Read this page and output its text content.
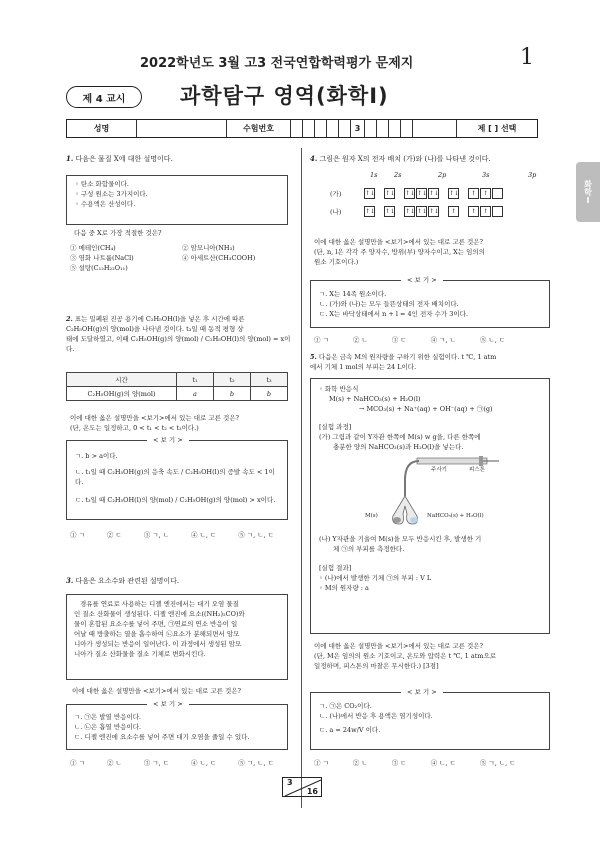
2022학년도 3월 고3 전국연합학력평가 문제지	1
제 4 교시	과학탐구 영역(화학Ⅰ)
성명	수험번호	3	제 [ ] 선택
화학Ⅰ
1. 다음은 물질 X에 대한 설명이다.
◦ 탄소 화합물이다.
◦ 구성 원소는 3가지이다.
◦ 수용액은 산성이다.
다음 중 X로 가장 적절한 것은?
① 메테인(CH₄)	② 암모니아(NH₃)
③ 염화 나트륨(NaCl)	④ 아세트산(CH₃COOH)
⑤ 설탕(C₁₂H₂₂O₁₁)
2. 표는 밀폐된 진공 용기에 C₂H₅OH(l)을 넣은 후 시간에 따른
C₂H₅OH(g)의 양(mol)을 나타낸 것이다. t₃일 때 동적 평형 상
태에 도달하였고, 이때 C₂H₅OH(g)의 양(mol) / C₂H₅OH(l)의 양(mol) = x이다.
시간	t₁	t₂	t₃
C₂H₅OH(g)의 양(mol)	a	b	b
이에 대한 옳은 설명만을 <보기>에서 있는 대로 고른 것은?
(단, 온도는 일정하고, 0 < t₁ < t₂ < t₃이다.)
< 보 기 >
ㄱ. b > a이다.
ㄴ. t₁일 때 C₂H₅OH(g)의 응축 속도 / C₂H₅OH(l)의 증발 속도 < 1이다.
ㄷ. t₃일 때 C₂H₅OH(l)의 양(mol) / C₂H₅OH(g)의 양(mol) > x이다.
① ㄱ	② ㄷ	③ ㄱ, ㄴ	④ ㄴ, ㄷ	⑤ ㄱ, ㄴ, ㄷ
3. 다음은 요소수와 관련된 설명이다.
경유를 연료로 사용하는 디젤 엔진에서는 대기 오염 물질
인 질소 산화물이 생성된다. 디젤 엔진에 요소((NH₂)₂CO)와
물이 혼합된 요소수를 넣어 주면, ㉠연료의 연소 반응이 일
어날 때 방출하는 열을 흡수하여 ㉡요소가 분해되면서 암모
니아가 생성되는 반응이 일어난다. 이 과정에서 생성된 암모
니아가 질소 산화물을 질소 기체로 변화시킨다.
이에 대한 옳은 설명만을 <보기>에서 있는 대로 고른 것은?
< 보 기 >
ㄱ. ㉠은 발열 반응이다.
ㄴ. ㉡은 흡열 반응이다.
ㄷ. 디젤 엔진에 요소수를 넣어 주면 대기 오염을 줄일 수 있다.
① ㄱ	② ㄴ	③ ㄱ, ㄷ	④ ㄴ, ㄷ	⑤ ㄱ, ㄴ, ㄷ
4. 그림은 원자 X의 전자 배치 (가)와 (나)를 나타낸 것이다.
1s	2s	2p	3s	3p
(가)	↑↓ ↑↓ ↑↓ ↑↓ ↑↓ ↑↓	↑	↑
(나)	↑↓ ↑↓ ↑↓ ↑↓ ↑↓	↑	↑	↑
이에 대한 옳은 설명만을 <보기>에서 있는 대로 고른 것은?
(단, n, l은 각각 주 양자수, 방위(부) 양자수이고, X는 임의의
원소 기호이다.)
< 보 기 >
ㄱ. X는 14족 원소이다.
ㄴ. (가)와 (나)는 모두 들뜬상태의 전자 배치이다.
ㄷ. X는 바닥상태에서 n + l = 4인 전자 수가 3이다.
① ㄱ	② ㄴ	③ ㄷ	④ ㄱ, ㄴ	⑤ ㄴ, ㄷ
5. 다음은 금속 M의 원자량을 구하기 위한 실험이다. t ℃, 1 atm
에서 기체 1 mol의 부피는 24 L이다.
◦ 화학 반응식
M(s) + NaHCO₃(s) + H₂O(l)
→ MCO₃(s) + Na⁺(aq) + OH⁻(aq) + ㉠(g)
[실험 과정]
(가) 그림과 같이 Y자관 한쪽에 M(s) w g을, 다른 한쪽에
충분한 양의 NaHCO₃(s)과 H₂O(l)을 넣는다.
주사기	피스톤
M(s)	NaHCO₃(s) + H₂O(l)
(나) Y자관을 기울여 M(s)을 모두 반응시킨 후, 발생한 기
체 ㉠의 부피를 측정한다.
[실험 결과]
◦ (나)에서 발생한 기체 ㉠의 부피 : V L
◦ M의 원자량 : a
이에 대한 옳은 설명만을 <보기>에서 있는 대로 고른 것은?
(단, M은 임의의 원소 기호이고, 온도와 압력은 t ℃, 1 atm으로
일정하며, 피스톤의 마찰은 무시한다.) [3점]
< 보 기 >
ㄱ. ㉠은 CO₂이다.
ㄴ. (나)에서 반응 후 용액은 염기성이다.
ㄷ. a = 24w/V 이다.
① ㄱ	② ㄴ	③ ㄷ	④ ㄴ, ㄷ	⑤ ㄱ, ㄴ, ㄷ
3
16
